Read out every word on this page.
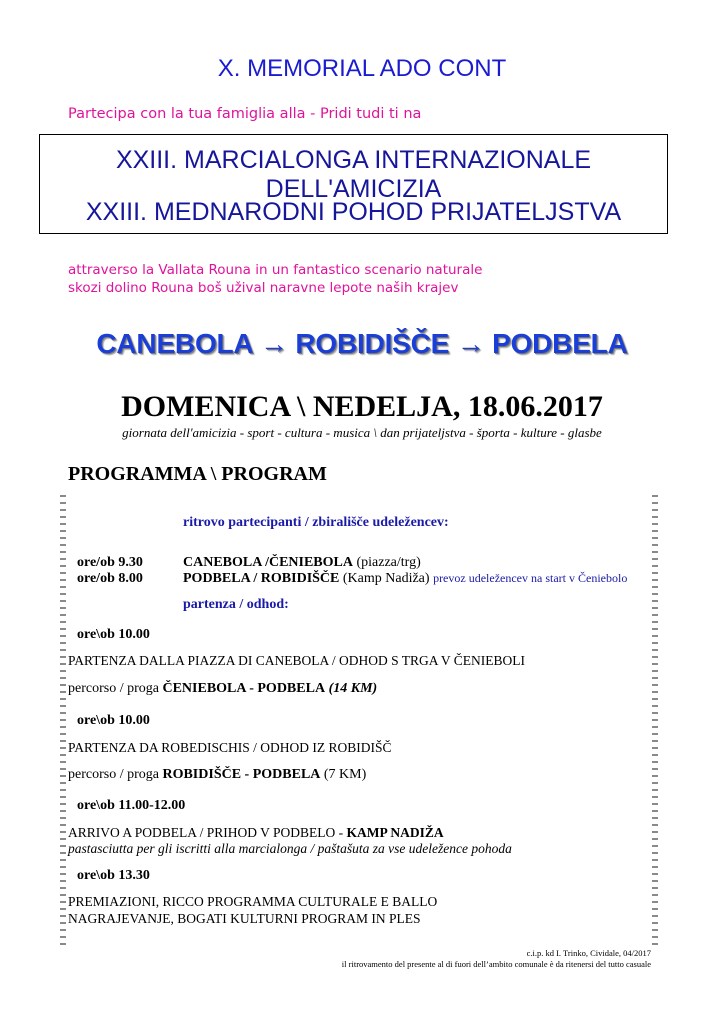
X. MEMORIAL ADO CONT
Partecipa con la tua famiglia alla - Pridi tudi ti na
XXIII. MARCIALONGA INTERNAZIONALE DELL'AMICIZIA
XXIII. MEDNARODNI POHOD PRIJATELJSTVA
attraverso la Vallata Rouna in un fantastico scenario naturale
skozi dolino Rouna boš užival naravne lepote naših krajev
CANEBOLA → ROBIDIŠČE → PODBELA
DOMENICA \ NEDELJA, 18.06.2017
giornata dell'amicizia - sport - cultura - musica \ dan prijateljstva - športa - kulture - glasbe
PROGRAMMA \ PROGRAM
ritrovo partecipanti / zbirališče udeležencev:
ore/ob 9.30	CANEBOLA /ČENIEBOLA (piazza/trg)
ore/ob 8.00	PODBELA / ROBIDIŠČE (Kamp Nadiža) prevoz udeležencev na start v Čeniebolo
partenza / odhod:
ore\ob 10.00
PARTENZA DALLA PIAZZA DI CANEBOLA / ODHOD S TRGA V ČENIEBOLI
percorso / proga ČENIEBOLA - PODBELA (14 KM)
ore\ob 10.00
PARTENZA DA ROBEDISCHIS / ODHOD IZ ROBIDIŠČ
percorso / proga ROBIDIŠČE - PODBELA (7 KM)
ore\ob 11.00-12.00
ARRIVO A PODBELA / PRIHOD V PODBELO - KAMP NADIŽA
pastasciutta per gli iscritti alla marcialonga / paštašuta za vse udeležence pohoda
ore\ob 13.30
PREMIAZIONI, RICCO PROGRAMMA CULTURALE E BALLO
NAGRAJEVANJE, BOGATI KULTURNI PROGRAM IN PLES
c.i.p. kd I. Trinko, Cividale, 04/2017
il ritrovamento del presente al di fuori dell’ambito comunale è da ritenersi del tutto casuale
